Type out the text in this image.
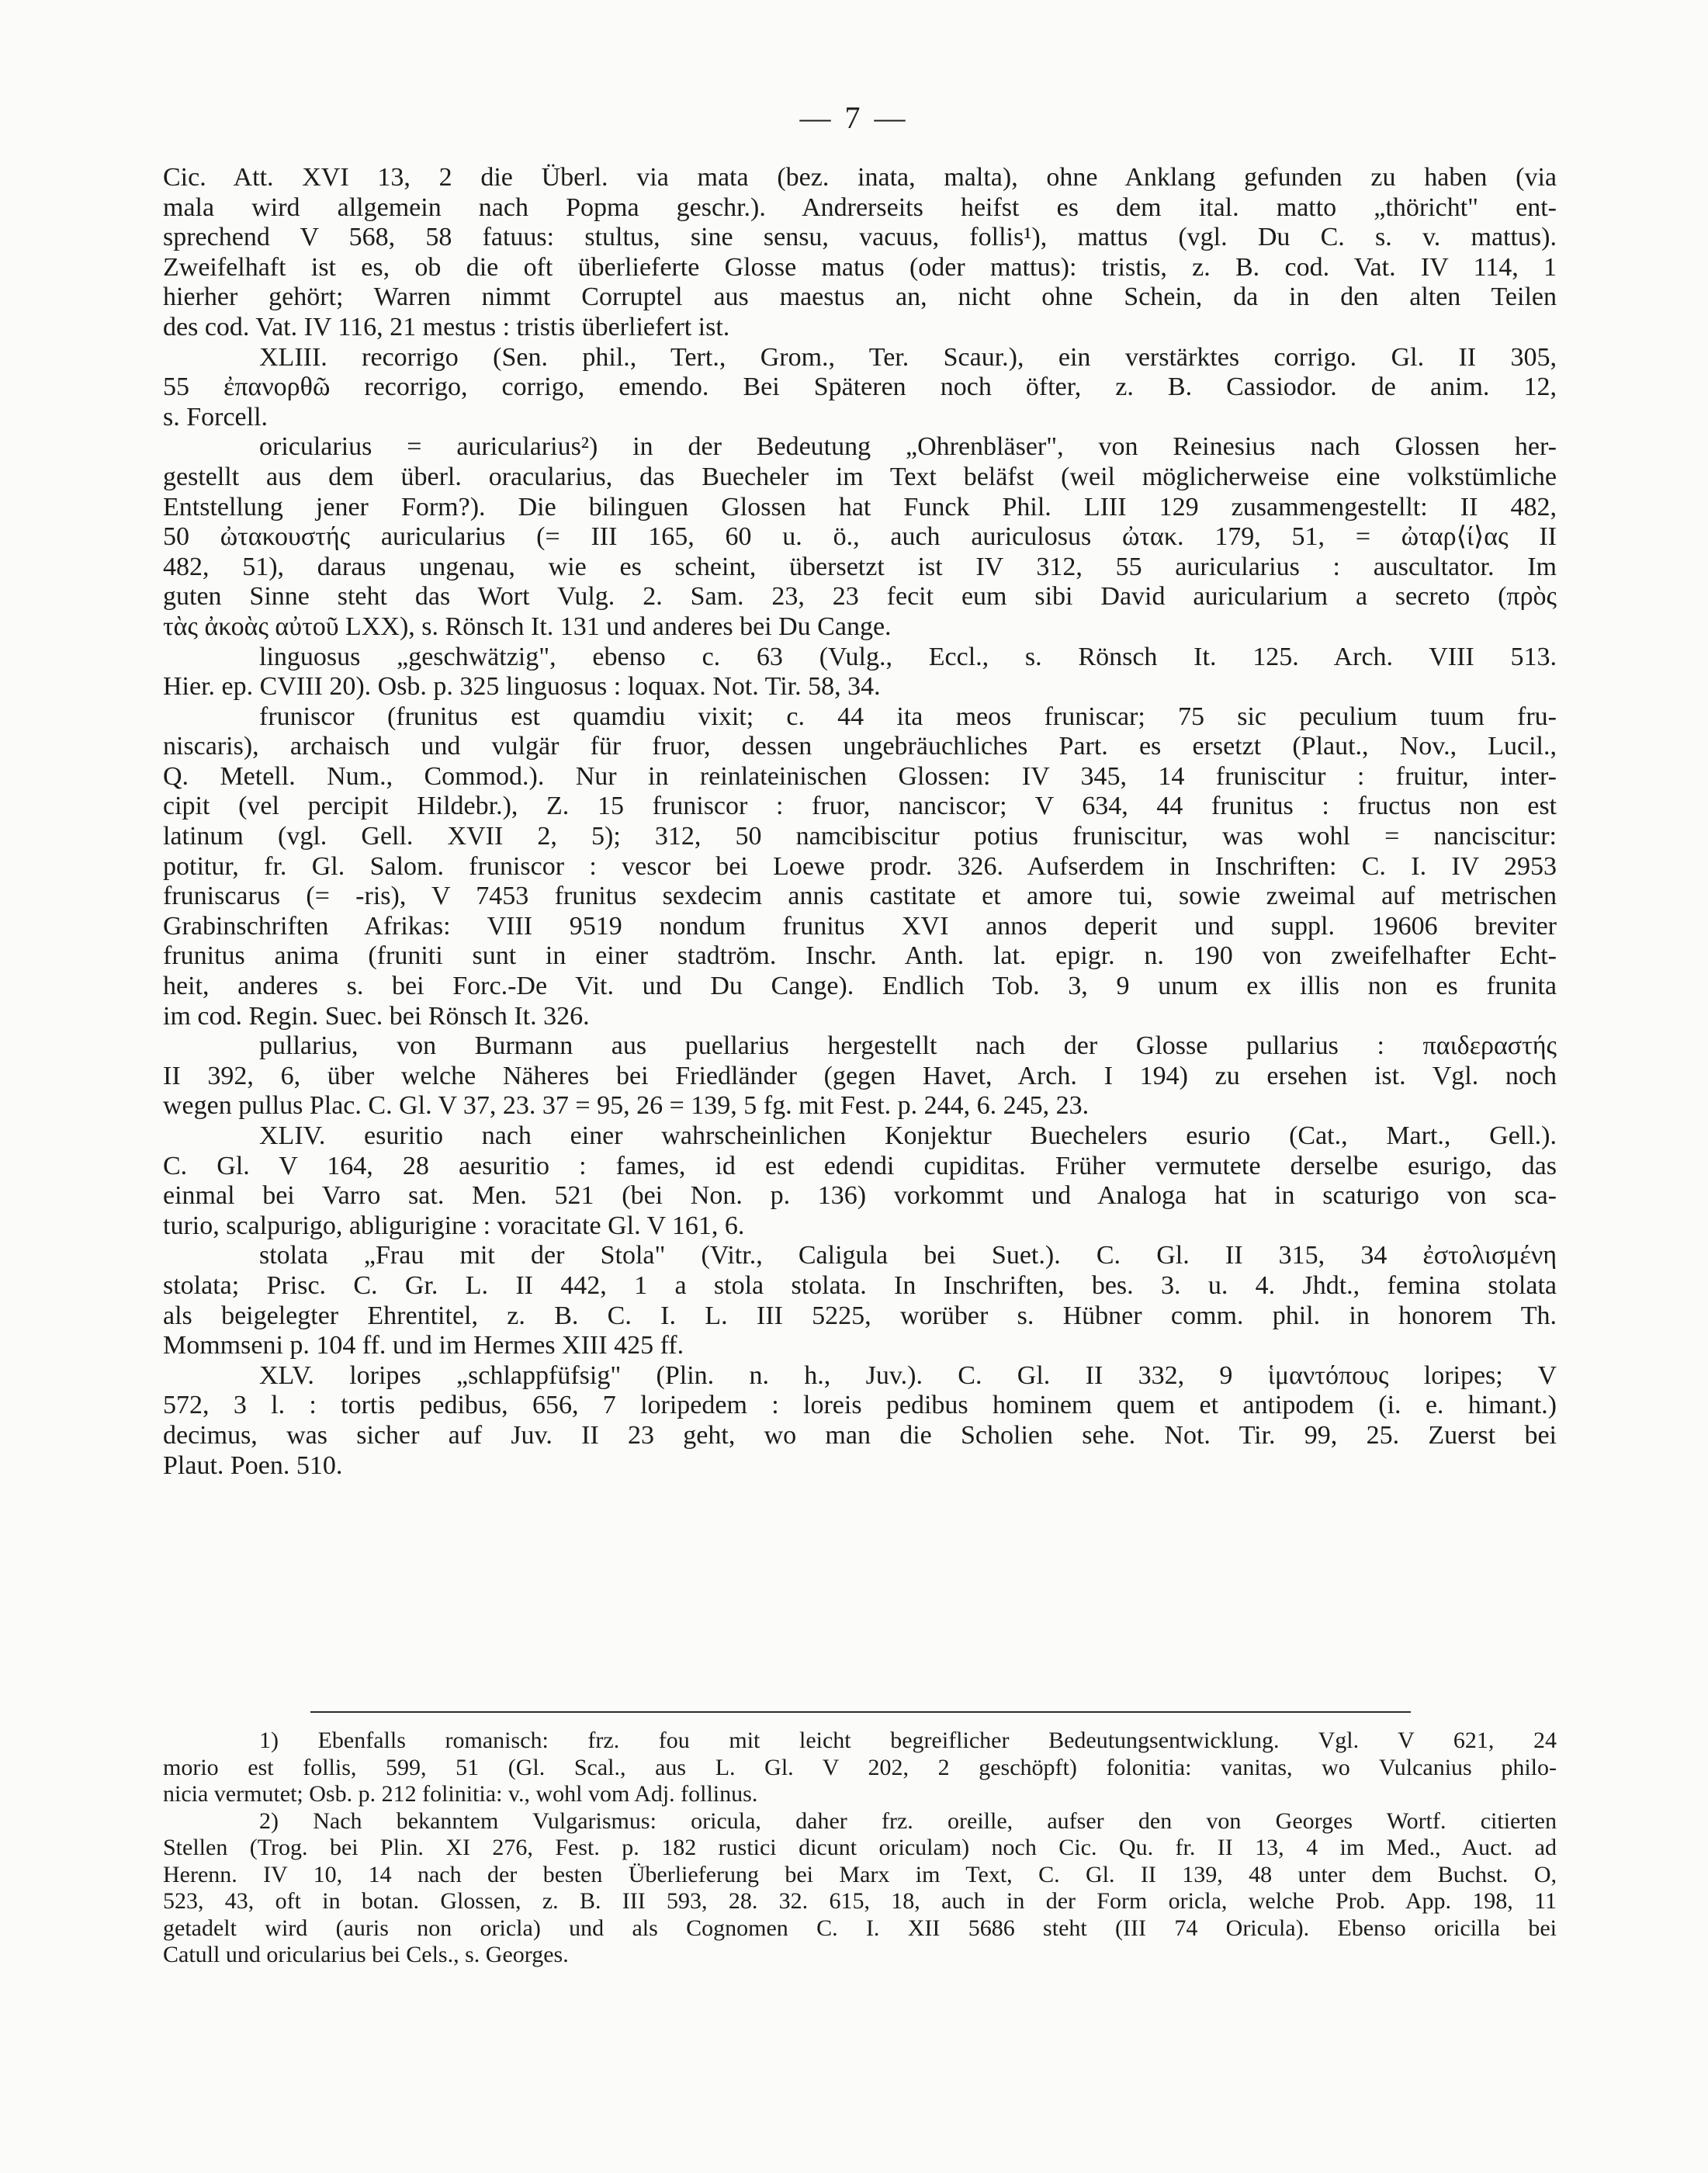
— 7 —
Cic. Att. XVI 13, 2 die Überl. via mata (bez. inata, malta), ohne Anklang gefunden zu haben (via
mala wird allgemein nach Popma geschr.). Andrerseits heifst es dem ital. matto „thöricht" ent-
sprechend V 568, 58 fatuus: stultus, sine sensu, vacuus, follis¹), mattus (vgl. Du C. s. v. mattus).
Zweifelhaft ist es, ob die oft überlieferte Glosse matus (oder mattus): tristis, z. B. cod. Vat. IV 114, 1
hierher gehört; Warren nimmt Corruptel aus maestus an, nicht ohne Schein, da in den alten Teilen
des cod. Vat. IV 116, 21 mestus : tristis überliefert ist.
XLIII. recorrigo (Sen. phil., Tert., Grom., Ter. Scaur.), ein verstärktes corrigo. Gl. II 305,
55 ἐπανορθῶ recorrigo, corrigo, emendo. Bei Späteren noch öfter, z. B. Cassiodor. de anim. 12,
s. Forcell.
oricularius = auricularius²) in der Bedeutung „Ohrenbläser", von Reinesius nach Glossen her-
gestellt aus dem überl. oracularius, das Buecheler im Text beläfst (weil möglicherweise eine volkstümliche
Entstellung jener Form?). Die bilinguen Glossen hat Funck Phil. LIII 129 zusammengestellt: II 482,
50 ὠτακουστής auricularius (= III 165, 60 u. ö., auch auriculosus ὠτακ. 179, 51, = ὠταρ⟨ί⟩ας II
482, 51), daraus ungenau, wie es scheint, übersetzt ist IV 312, 55 auricularius : auscultator. Im
guten Sinne steht das Wort Vulg. 2. Sam. 23, 23 fecit eum sibi David auricularium a secreto (πρὸς
τὰς ἀκοὰς αὐτοῦ LXX), s. Rönsch It. 131 und anderes bei Du Cange.
linguosus „geschwätzig", ebenso c. 63 (Vulg., Eccl., s. Rönsch It. 125. Arch. VIII 513.
Hier. ep. CVIII 20). Osb. p. 325 linguosus : loquax. Not. Tir. 58, 34.
fruniscor (frunitus est quamdiu vixit; c. 44 ita meos fruniscar; 75 sic peculium tuum fru-
niscaris), archaisch und vulgär für fruor, dessen ungebräuchliches Part. es ersetzt (Plaut., Nov., Lucil.,
Q. Metell. Num., Commod.). Nur in reinlateinischen Glossen: IV 345, 14 fruniscitur : fruitur, inter-
cipit (vel percipit Hildebr.), Z. 15 fruniscor : fruor, nanciscor; V 634, 44 frunitus : fructus non est
latinum (vgl. Gell. XVII 2, 5); 312, 50 namcibiscitur potius fruniscitur, was wohl = nanciscitur:
potitur, fr. Gl. Salom. fruniscor : vescor bei Loewe prodr. 326. Aufserdem in Inschriften: C. I. IV 2953
fruniscarus (= -ris), V 7453 frunitus sexdecim annis castitate et amore tui, sowie zweimal auf metrischen
Grabinschriften Afrikas: VIII 9519 nondum frunitus XVI annos deperit und suppl. 19606 breviter
frunitus anima (fruniti sunt in einer stadtröm. Inschr. Anth. lat. epigr. n. 190 von zweifelhafter Echt-
heit, anderes s. bei Forc.-De Vit. und Du Cange). Endlich Tob. 3, 9 unum ex illis non es frunita
im cod. Regin. Suec. bei Rönsch It. 326.
pullarius, von Burmann aus puellarius hergestellt nach der Glosse pullarius : παιδεραστής
II 392, 6, über welche Näheres bei Friedländer (gegen Havet, Arch. I 194) zu ersehen ist. Vgl. noch
wegen pullus Plac. C. Gl. V 37, 23. 37 = 95, 26 = 139, 5 fg. mit Fest. p. 244, 6. 245, 23.
XLIV. esuritio nach einer wahrscheinlichen Konjektur Buechelers esurio (Cat., Mart., Gell.).
C. Gl. V 164, 28 aesuritio : fames, id est edendi cupiditas. Früher vermutete derselbe esurigo, das
einmal bei Varro sat. Men. 521 (bei Non. p. 136) vorkommt und Analoga hat in scaturigo von sca-
turio, scalpurigo, abligurigine : voracitate Gl. V 161, 6.
stolata „Frau mit der Stola" (Vitr., Caligula bei Suet.). C. Gl. II 315, 34 ἐστολισμένη
stolata; Prisc. C. Gr. L. II 442, 1 a stola stolata. In Inschriften, bes. 3. u. 4. Jhdt., femina stolata
als beigelegter Ehrentitel, z. B. C. I. L. III 5225, worüber s. Hübner comm. phil. in honorem Th.
Mommseni p. 104 ff. und im Hermes XIII 425 ff.
XLV. loripes „schlappfüfsig" (Plin. n. h., Juv.). C. Gl. II 332, 9 ἱμαντόπους loripes; V
572, 3 l. : tortis pedibus, 656, 7 loripedem : loreis pedibus hominem quem et antipodem (i. e. himant.)
decimus, was sicher auf Juv. II 23 geht, wo man die Scholien sehe. Not. Tir. 99, 25. Zuerst bei
Plaut. Poen. 510.
1) Ebenfalls romanisch: frz. fou mit leicht begreiflicher Bedeutungsentwicklung. Vgl. V 621, 24
morio est follis, 599, 51 (Gl. Scal., aus L. Gl. V 202, 2 geschöpft) folonitia: vanitas, wo Vulcanius philo-
nicia vermutet; Osb. p. 212 folinitia: v., wohl vom Adj. follinus.
2) Nach bekanntem Vulgarismus: oricula, daher frz. oreille, aufser den von Georges Wortf. citierten
Stellen (Trog. bei Plin. XI 276, Fest. p. 182 rustici dicunt oriculam) noch Cic. Qu. fr. II 13, 4 im Med., Auct. ad
Herenn. IV 10, 14 nach der besten Überlieferung bei Marx im Text, C. Gl. II 139, 48 unter dem Buchst. O,
523, 43, oft in botan. Glossen, z. B. III 593, 28. 32. 615, 18, auch in der Form oricla, welche Prob. App. 198, 11
getadelt wird (auris non oricla) und als Cognomen C. I. XII 5686 steht (III 74 Oricula). Ebenso oricilla bei
Catull und oricularius bei Cels., s. Georges.
